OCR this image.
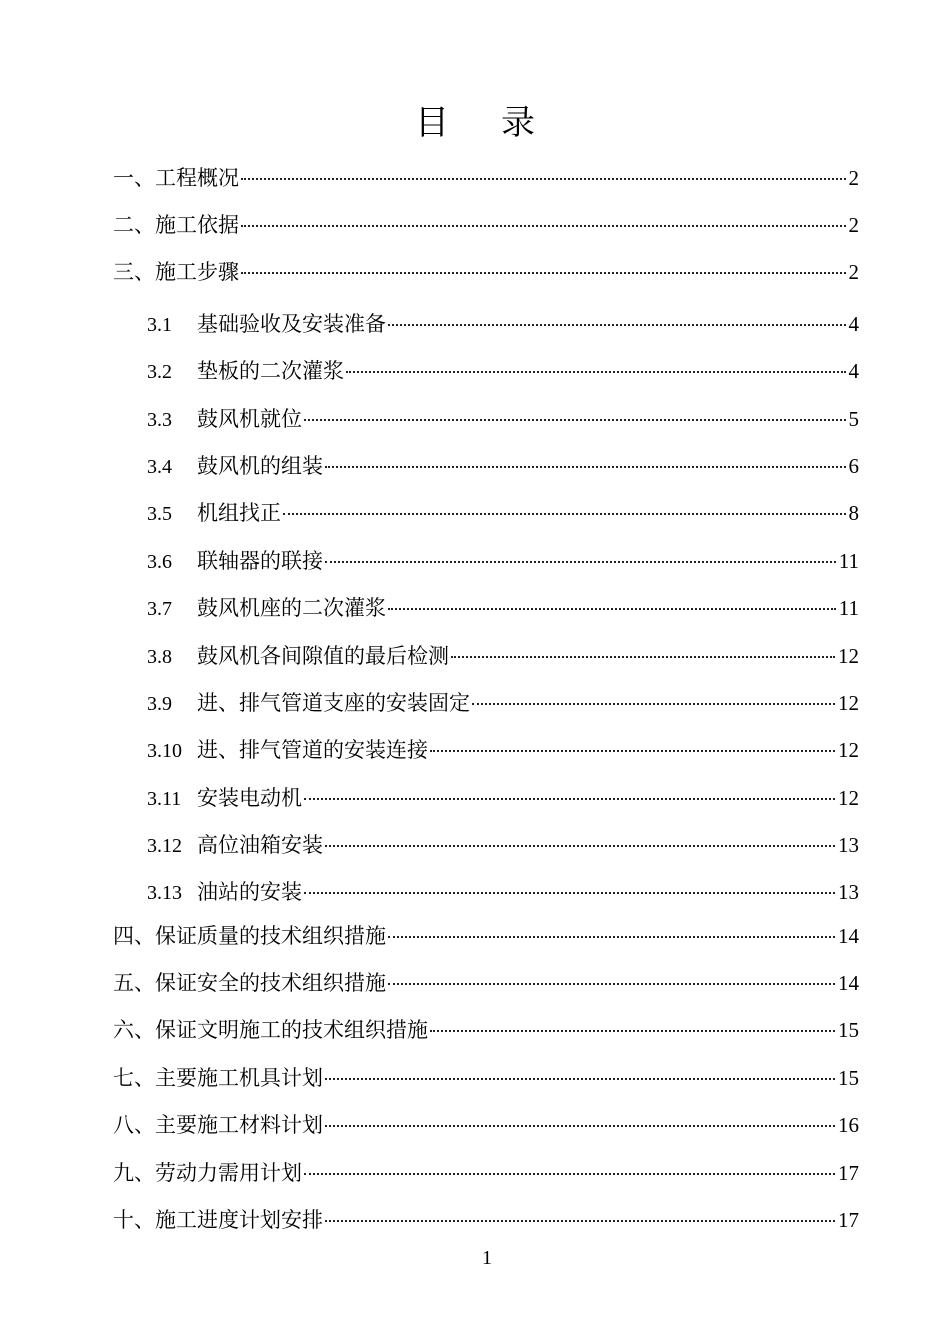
目录
一、工程概况	2
二、施工依据	2
三、施工步骤	2
3.1	基础验收及安装准备	4
3.2	垫板的二次灌浆	4
3.3	鼓风机就位	5
3.4	鼓风机的组装	6
3.5	机组找正	8
3.6	联轴器的联接	11
3.7	鼓风机座的二次灌浆	11
3.8	鼓风机各间隙值的最后检测	12
3.9	进、排气管道支座的安装固定	12
3.10 进、排气管道的安装连接	12
3.11 安装电动机	12
3.12 高位油箱安装	13
3.13 油站的安装	13
四、保证质量的技术组织措施	14
五、保证安全的技术组织措施	14
六、保证文明施工的技术组织措施	15
七、主要施工机具计划	15
八、主要施工材料计划	16
九、劳动力需用计划	17
十、施工进度计划安排	17
1
